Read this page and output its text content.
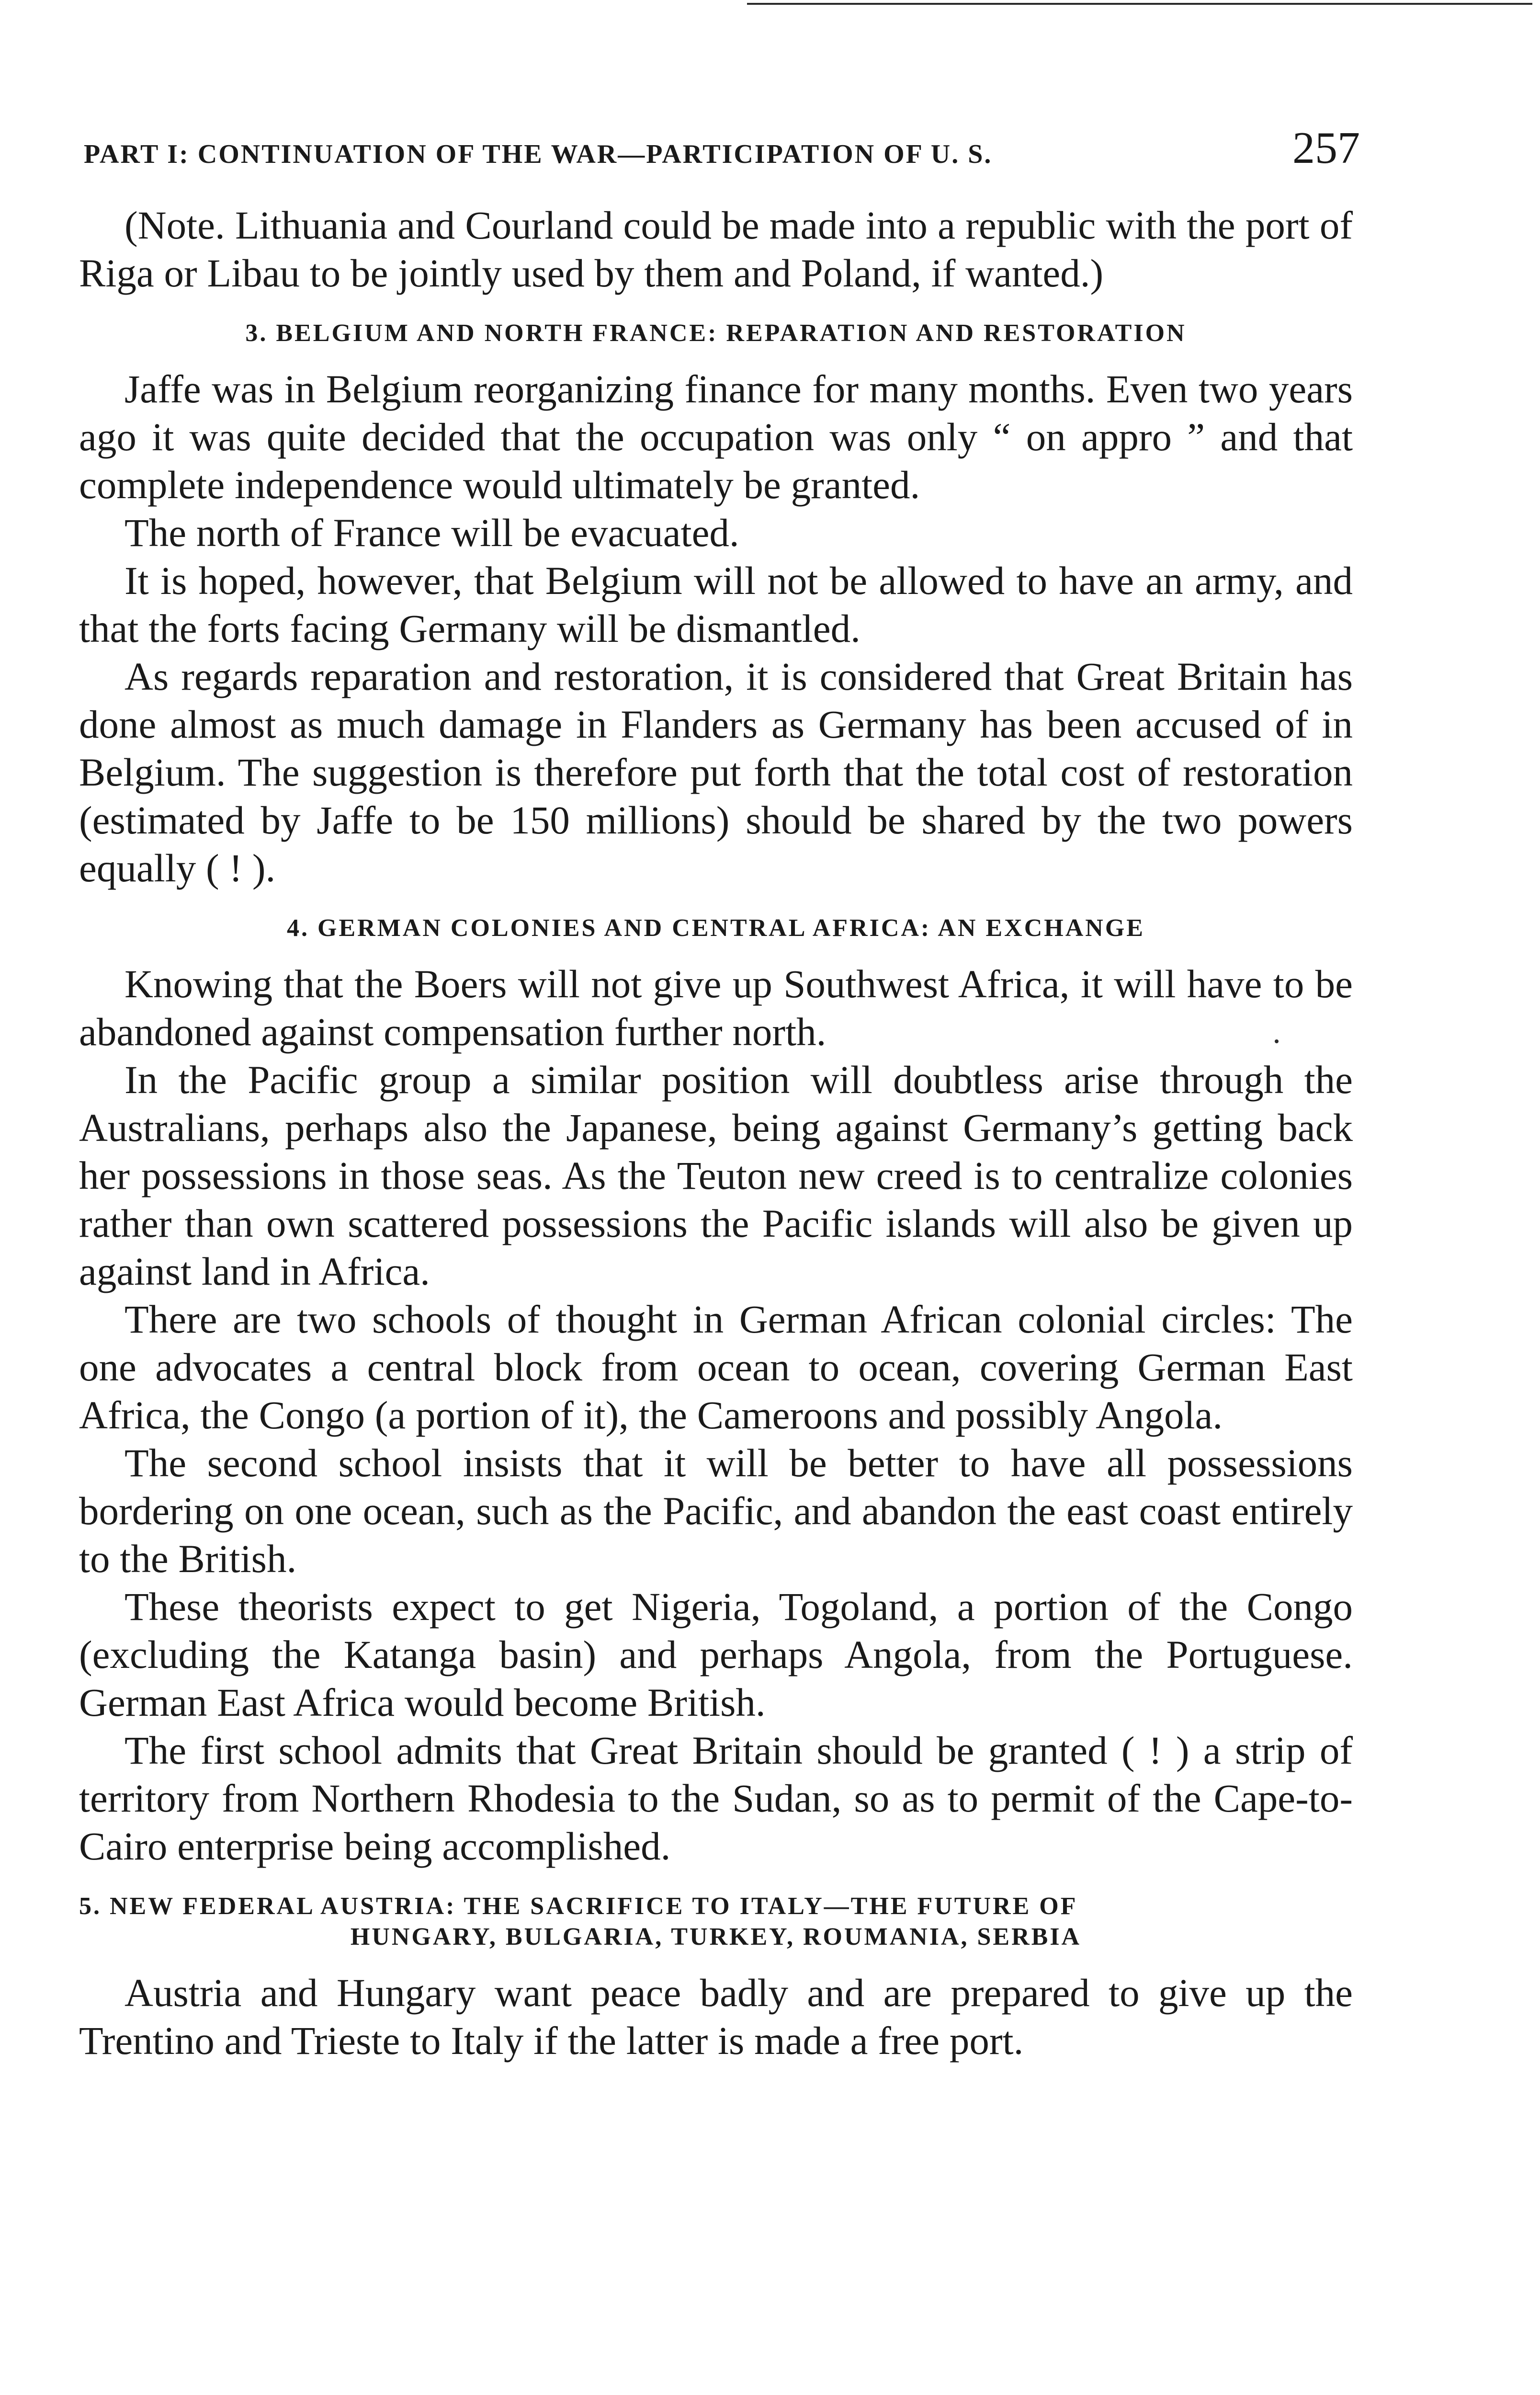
PART I: CONTINUATION OF THE WAR—PARTICIPATION OF U. S.	257

(Note. Lithuania and Courland could be made into a republic with the port of Riga or Libau to be jointly used by them and Poland, if wanted.)

3. BELGIUM AND NORTH FRANCE: REPARATION AND RESTORATION

Jaffe was in Belgium reorganizing finance for many months. Even two years ago it was quite decided that the occupation was only “ on appro ” and that complete independence would ultimately be granted.

The north of France will be evacuated.

It is hoped, however, that Belgium will not be allowed to have an army, and that the forts facing Germany will be dismantled.

As regards reparation and restoration, it is considered that Great Britain has done almost as much damage in Flanders as Germany has been accused of in Belgium. The suggestion is therefore put forth that the total cost of restoration (estimated by Jaffe to be 150 millions) should be shared by the two powers equally ( ! ).

4. GERMAN COLONIES AND CENTRAL AFRICA: AN EXCHANGE

Knowing that the Boers will not give up Southwest Africa, it will have to be abandoned against compensation further north.

In the Pacific group a similar position will doubtless arise through the Australians, perhaps also the Japanese, being against Germany’s getting back her possessions in those seas. As the Teuton new creed is to centralize colonies rather than own scattered possessions the Pacific islands will also be given up against land in Africa.

There are two schools of thought in German African colonial circles: The one advocates a central block from ocean to ocean, covering German East Africa, the Congo (a portion of it), the Cameroons and possibly Angola.

The second school insists that it will be better to have all possessions bordering on one ocean, such as the Pacific, and abandon the east coast entirely to the British.

These theorists expect to get Nigeria, Togoland, a portion of the Congo (excluding the Katanga basin) and perhaps Angola, from the Portuguese. German East Africa would become British.

The first school admits that Great Britain should be granted ( ! ) a strip of territory from Northern Rhodesia to the Sudan, so as to permit of the Cape-to-Cairo enterprise being accomplished.

5. NEW FEDERAL AUSTRIA: THE SACRIFICE TO ITALY—THE FUTURE OF
HUNGARY, BULGARIA, TURKEY, ROUMANIA, SERBIA

Austria and Hungary want peace badly and are prepared to give up the Trentino and Trieste to Italy if the latter is made a free port.
